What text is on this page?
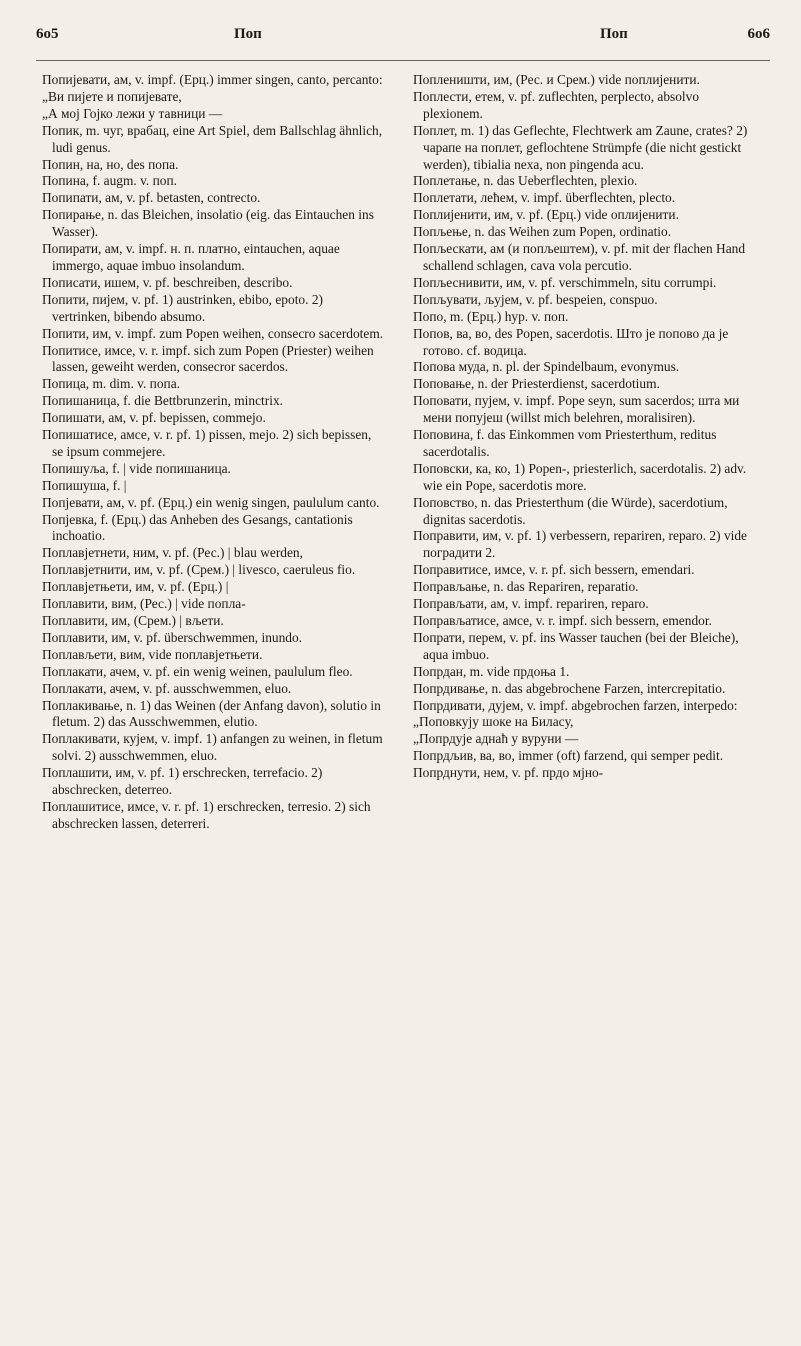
6o5	Поп	Поп	6o6

Попијевати, ам, v. impf. (Ерц.) immer singen, canto, percanto:

„Ви пијете и попијевате,

„А мој Гојко лежи у тавници —

Попик, m. чуг, врабац, eine Art Spiel, dem Ballschlag ähnlich, ludi genus.

Попин, на, но, des попа.

Попина, f. augm. v. поп.

Попипати, ам, v. pf. betasten, contrecto.

Попирање, n. das Bleichen, insolatio (eig. das Eintauchen ins Wasser).

Попирати, ам, v. impf. н. п. платно, eintauchen, aquae immergo, aquae imbuo insolandum.

Пописати, ишем, v. pf. beschreiben, describo.

Попити, пијем, v. pf. 1) austrinken, ebibo, epoto. 2) vertrinken, bibendo absumo.

Попити, им, v. impf. zum Popen weihen, consecro sacerdotem.

Попитисе, имсе, v. r. impf. sich zum Popen (Priester) weihen lassen, geweiht werden, consecror sacerdos.

Попица, m. dim. v. попа.

Попишаница, f. die Bettbrunzerin, minctrix.

Попишати, ам, v. pf. bepissen, commejo.

Попишатисе, амсе, v. r. pf. 1) pissen, mejo. 2) sich bepissen, se ipsum commejere.

Попишуља, f. | vide попишаница.

Попишуша, f. |

Попјевати, ам, v. pf. (Ерц.) ein wenig singen, paululum canto.

Попјевка, f. (Ерц.) das Anheben des Gesangs, cantationis inchoatio.

Поплавјетнети, ним, v. pf. (Рес.) | blau werden,

Поплавјетнити, им, v. pf. (Срем.) | livesco, caeruleus fio.

Поплавјетњети, им, v. pf. (Ерц.) |

Поплавити, вим, (Рес.) | vide попла-

Поплавити, им, (Срем.) | вљети.

Поплавити, им, v. pf. überschwemmen, inundo.

Поплављети, вим, vide поплавјетњети.

Поплакати, ачем, v. pf. ein wenig weinen, paululum fleo.

Поплакати, ачем, v. pf. ausschwemmen, eluo.

Поплакивање, n. 1) das Weinen (der Anfang davon), solutio in fletum. 2) das Ausschwemmen, elutio.

Поплакивати, кујем, v. impf. 1) anfangen zu weinen, in fletum solvi. 2) ausschwemmen, eluo.

Поплашити, им, v. pf. 1) erschrecken, terrefacio. 2) abschrecken, deterreo.

Поплашитисе, имсе, v. r. pf. 1) erschrecken, terresio. 2) sich abschrecken lassen, deterreri.

Попленишти, им, (Рес. и Срем.) vide поплијенити.

Поплести, етем, v. pf. zuflechten, perplecto, absolvo plexionem.

Поплет, m. 1) das Geflechte, Flechtwerk am Zaune, crates? 2) чарапе на поплет, geflochtene Strümpfe (die nicht gestickt werden), tibialia nexa, non pingenda acu.

Поплетање, n. das Ueberflechten, plexio.

Поплетати, лећем, v. impf. überflechten, plecto.

Поплијенити, им, v. pf. (Ерц.) vide оплијенити.

Попљење, n. das Weihen zum Popen, ordinatio.

Попљескати, ам (и попљештем), v. pf. mit der flachen Hand schallend schlagen, cava vola percutio.

Попљеснивити, им, v. pf. verschimmeln, situ corrumpi.

Попљувати, љујем, v. pf. bespeien, conspuo.

Попо, m. (Ерц.) hyp. v. поп.

Попов, ва, во, des Popen, sacerdotis. Што је попово да је готово. cf. водица.

Попова муда, n. pl. der Spindelbaum, evonymus.

Поповање, n. der Priesterdienst, sacerdotium.

Поповати, пујем, v. impf. Pope seyn, sum sacerdos; шта ми мени попујеш (willst mich belehren, moralisiren).

Поповина, f. das Einkommen vom Priesterthum, reditus sacerdotalis.

Поповски, ка, ко, 1) Popen-, priesterlich, sacerdotalis. 2) adv. wie ein Pope, sacerdotis more.

Поповство, n. das Priesterthum (die Würde), sacerdotium, dignitas sacerdotis.

Поправити, им, v. pf. 1) verbessern, repariren, reparo. 2) vide поградити 2.

Поправитисе, имсе, v. r. pf. sich bessern, emendari.

Поправљање, n. das Repariren, reparatio.

Поправљати, ам, v. impf. repariren, reparo.

Поправљатисе, амсе, v. r. impf. sich bessern, emendor.

Попрати, перем, v. pf. ins Wasser tauchen (bei der Bleiche), aqua imbuo.

Попрдан, m. vide прдоња 1.

Попрдивање, n. das abgebrochene Farzen, intercrepitatio.

Попрдивати, дујем, v. impf. abgebrochen farzen, interpedo:

„Поповкују шоке на Билаcу,

„Попрдује аднаћ у вуруни —

Попрдљив, ва, во, immer (oft) farzend, qui semper pedit.

Попрднути, нем, v. pf. прдо мјно-
